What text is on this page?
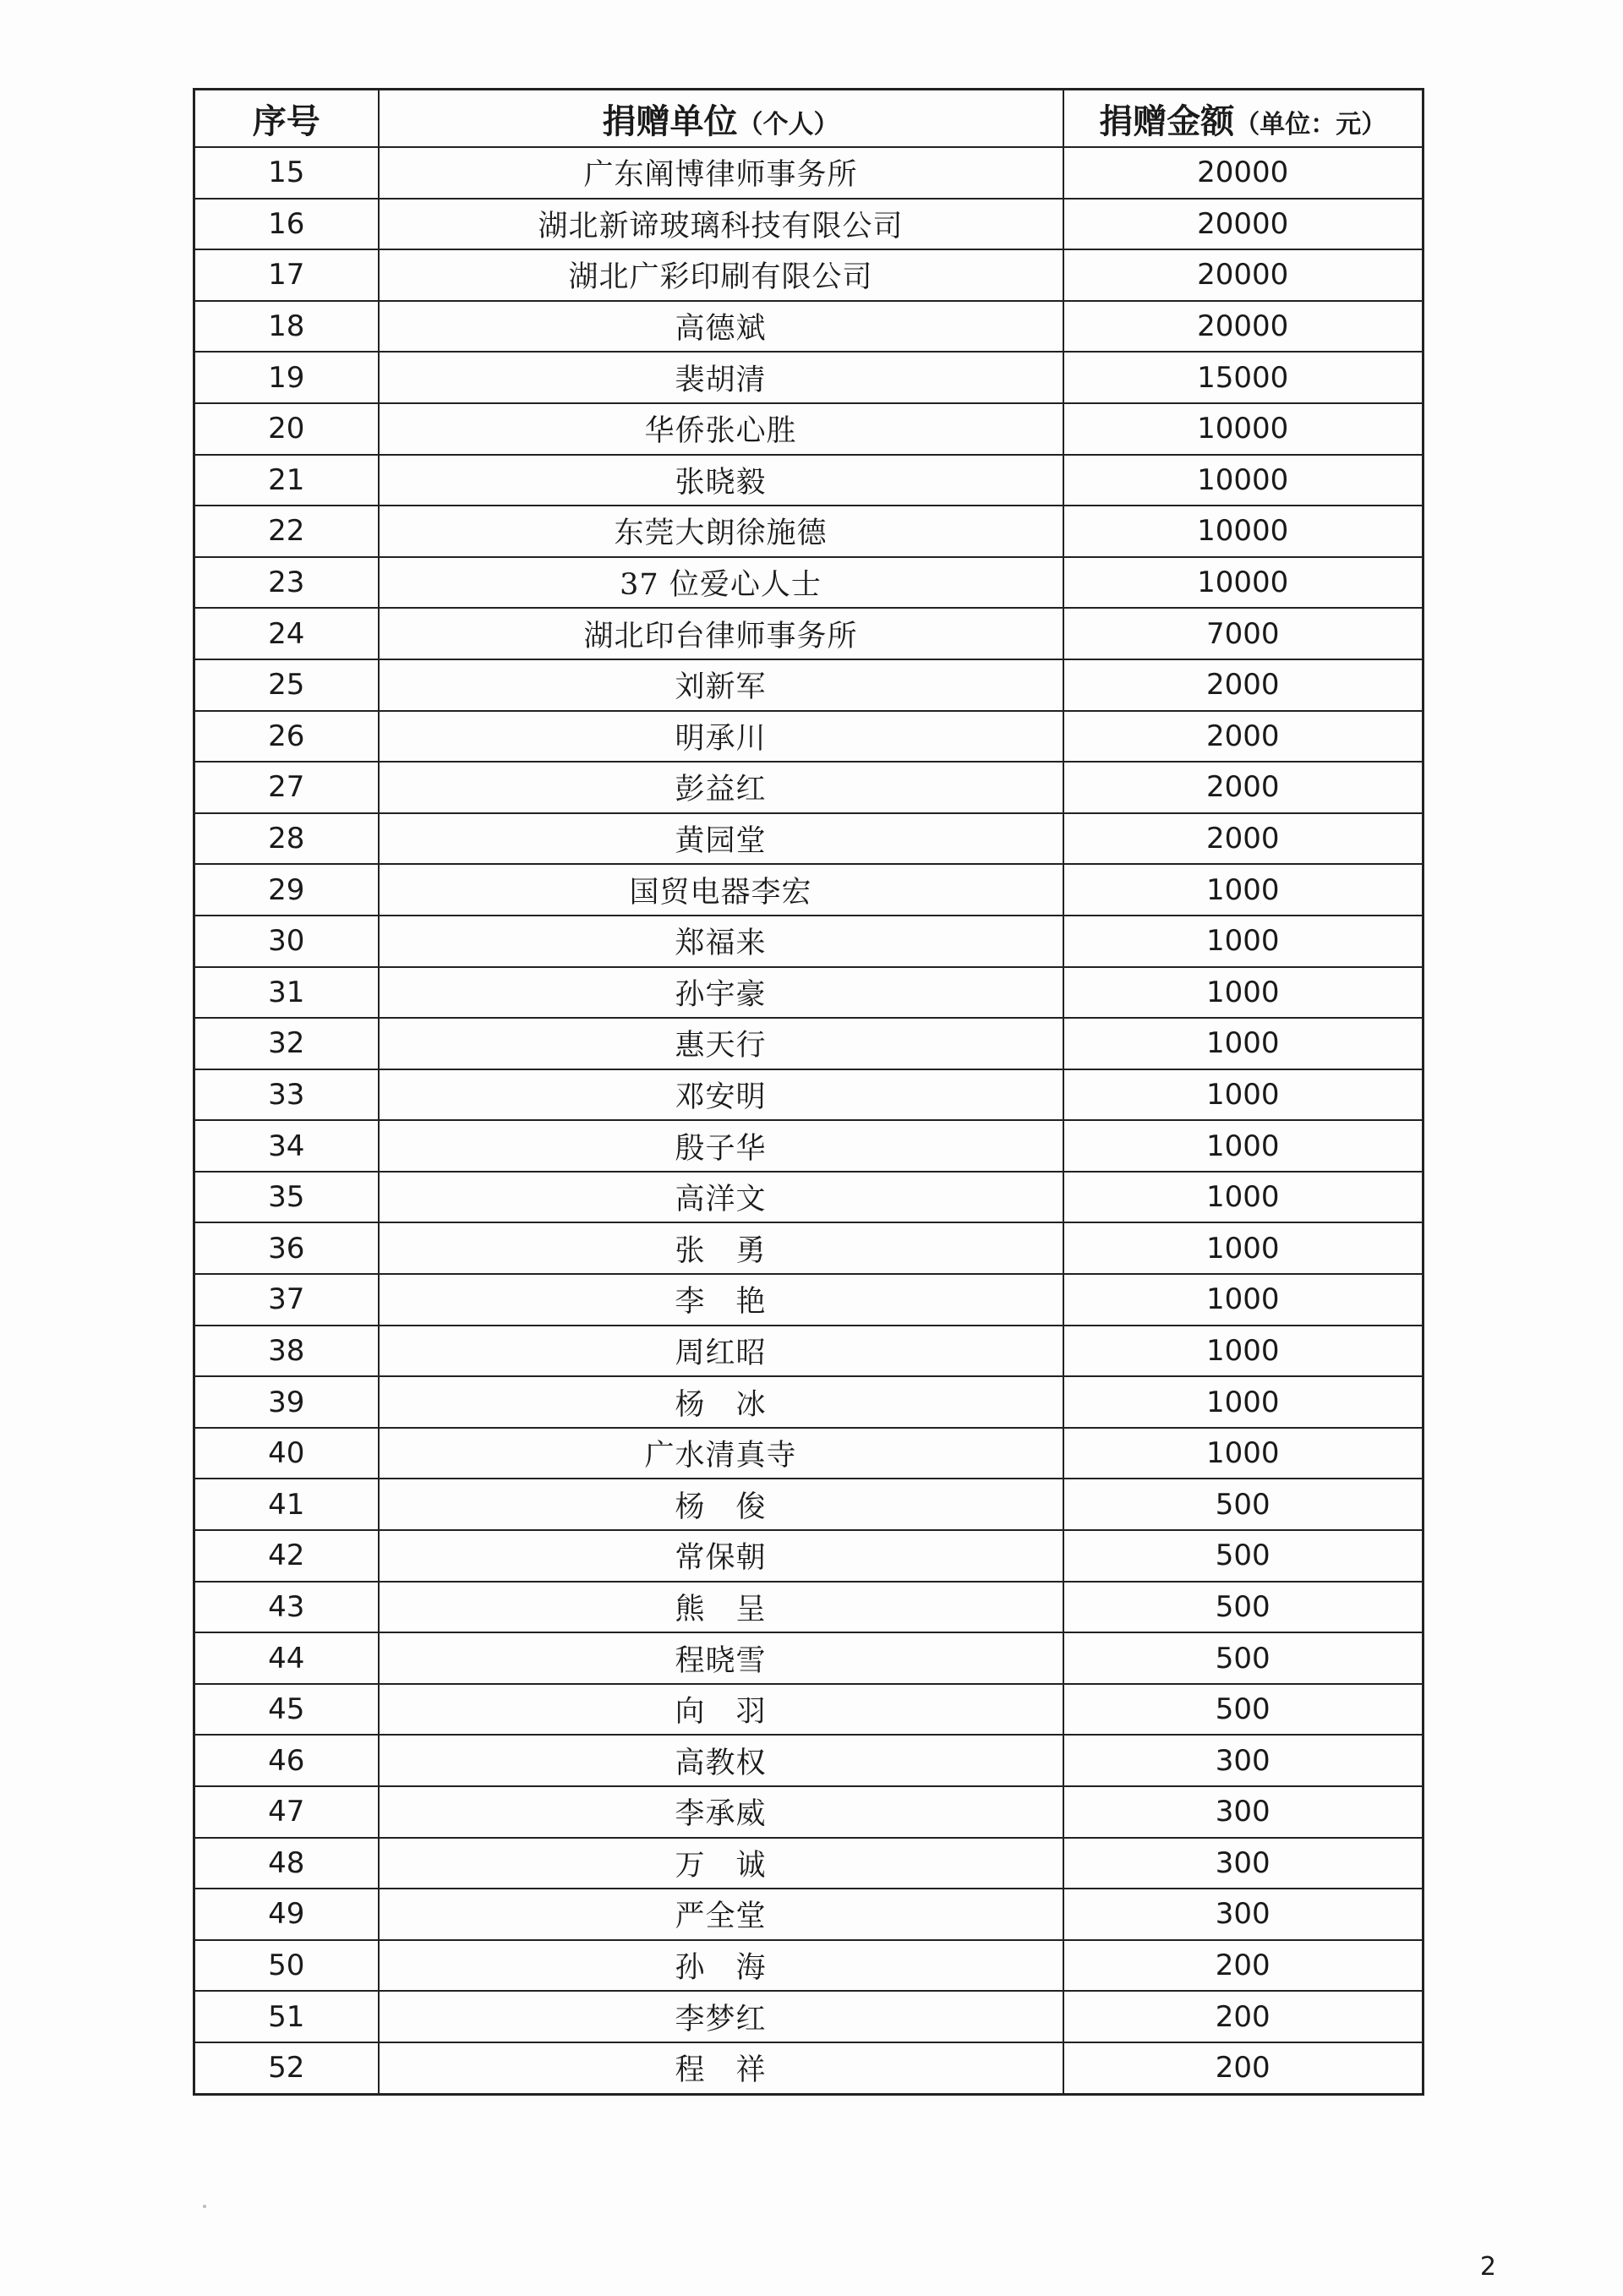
序号	捐赠单位（个人）	捐赠金额（单位：元）
15	广东阐博律师事务所	20000
16	湖北新谛玻璃科技有限公司	20000
17	湖北广彩印刷有限公司	20000
18	高德斌	20000
19	裴胡清	15000
20	华侨张心胜	10000
21	张晓毅	10000
22	东莞大朗徐施德	10000
23	37 位爱心人士	10000
24	湖北印台律师事务所	7000
25	刘新军	2000
26	明承川	2000
27	彭益红	2000
28	黄园堂	2000
29	国贸电器李宏	1000
30	郑福来	1000
31	孙宇豪	1000
32	惠天行	1000
33	邓安明	1000
34	殷子华	1000
35	高洋文	1000
36	张　勇	1000
37	李　艳	1000
38	周红昭	1000
39	杨　冰	1000
40	广水清真寺	1000
41	杨　俊	500
42	常保朝	500
43	熊　呈	500
44	程晓雪	500
45	向　羽	500
46	高教权	300
47	李承威	300
48	万　诚	300
49	严全堂	300
50	孙　海	200
51	李梦红	200
52	程　祥	200
2
